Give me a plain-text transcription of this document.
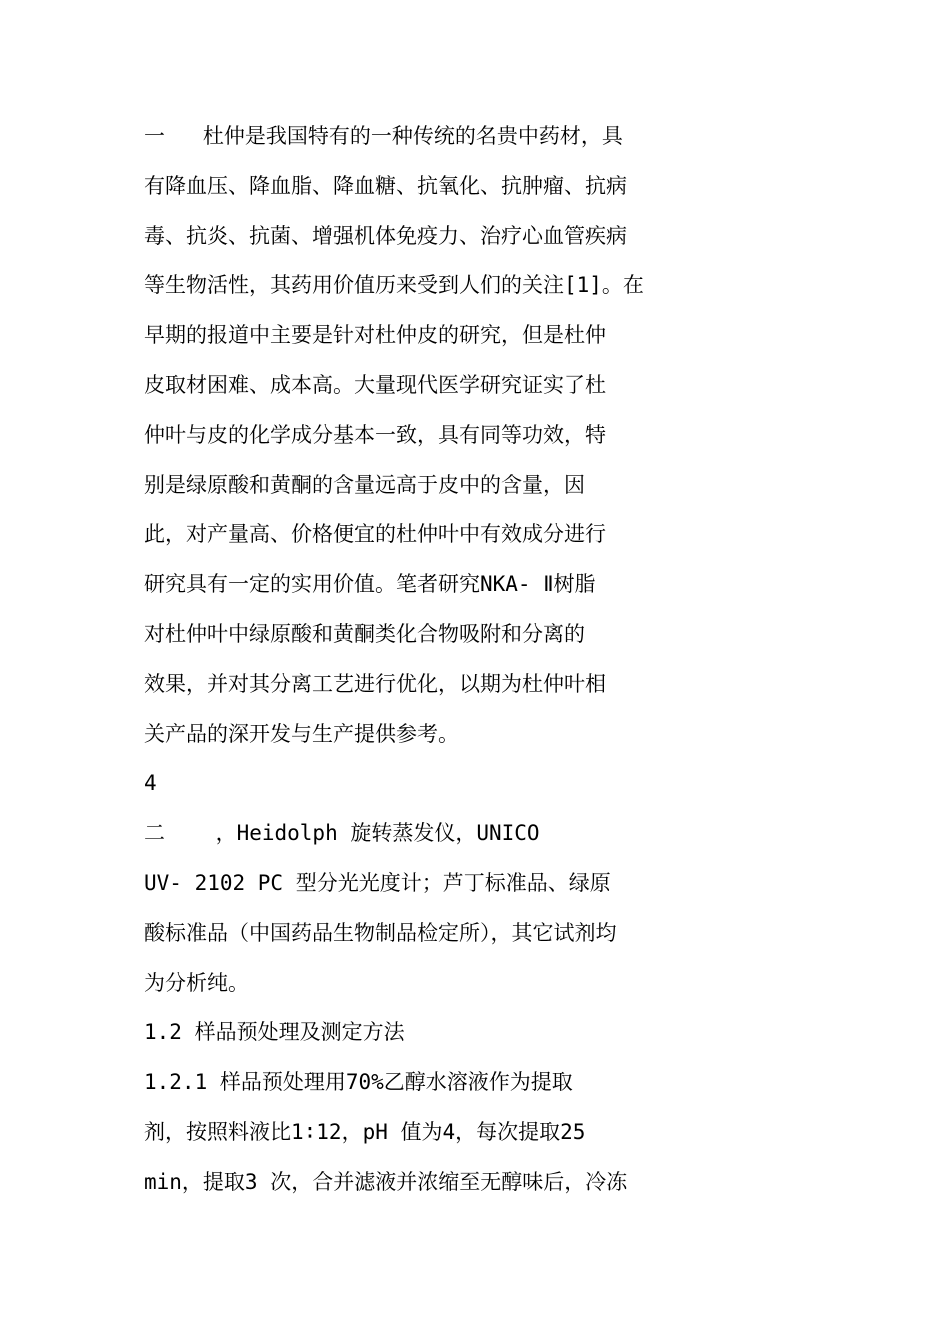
一   杜仲是我国特有的一种传统的名贵中药材，具
有降血压、降血脂、降血糖、抗氧化、抗肿瘤、抗病
毒、抗炎、抗菌、增强机体免疫力、治疗心血管疾病
等生物活性，其药用价值历来受到人们的关注[1]。在
早期的报道中主要是针对杜仲皮的研究，但是杜仲
皮取材困难、成本高。大量现代医学研究证实了杜
仲叶与皮的化学成分基本一致，具有同等功效，特
别是绿原酸和黄酮的含量远高于皮中的含量，因
此，对产量高、价格便宜的杜仲叶中有效成分进行
研究具有一定的实用价值。笔者研究NKA- Ⅱ树脂
对杜仲叶中绿原酸和黄酮类化合物吸附和分离的
效果，并对其分离工艺进行优化，以期为杜仲叶相
关产品的深开发与生产提供参考。
4
二    ，Heidolph 旋转蒸发仪，UNICO
UV- 2102 PC 型分光光度计；芦丁标准品、绿原
酸标准品（中国药品生物制品检定所），其它试剂均
为分析纯。
1.2 样品预处理及测定方法
1.2.1 样品预处理用70%乙醇水溶液作为提取
剂，按照料液比1∶12，pH 值为4，每次提取25
min，提取3 次，合并滤液并浓缩至无醇味后，冷冻
